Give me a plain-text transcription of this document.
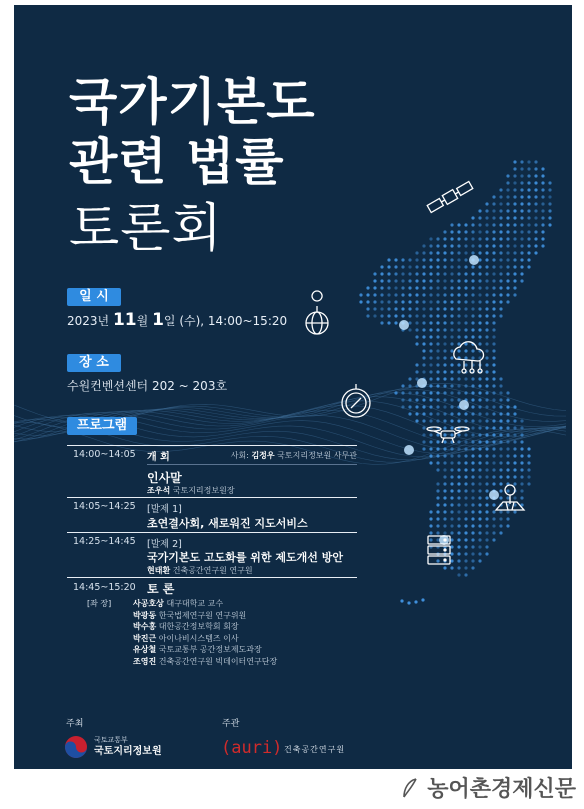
국가기본도
관련 법률
토론회
일 시
2023년 11월 1일 (수), 14:00~15:20
장 소
수원컨벤션센터 202 ~ 203호
프로그램
14:00~14:05 개 회	사회: 김정우 국토지리정보원 사무관
인사말
조우석 국토지리정보원장
14:05~14:25 [발제 1]
초연결사회, 새로워진 지도서비스
14:25~14:45 [발제 2]
국가기본도 고도화를 위한 제도개선 방안
현태환 건축공간연구원 연구원
14:45~15:20 토 론
[좌 장]	사공호상 대구대학교 교수
박광동 한국법제연구원 연구위원
박수홍 대한공간정보학회 회장
박진근 아이나비시스템즈 이사
유상철 국토교통부 공간정보제도과장
조영진 건축공간연구원 빅데이터연구단장
주최
국토교통부
국토지리정보원
주관
(auri) 건축공간연구원
농어촌경제신문
